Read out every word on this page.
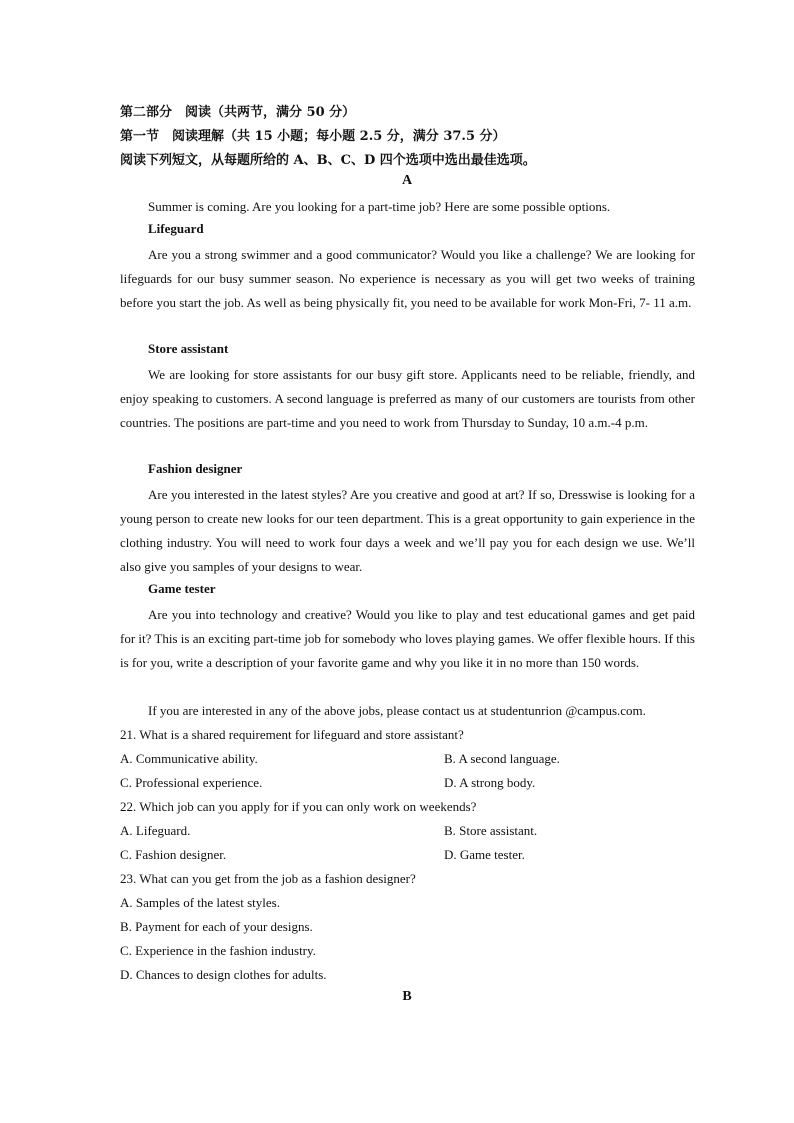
第二部分　阅读（共两节，满分 50 分）
第一节　阅读理解（共 15 小题；每小题 2.5 分，满分 37.5 分）
阅读下列短文，从每题所给的 A、B、C、D 四个选项中选出最佳选项。
A

Summer is coming. Are you looking for a part-time job? Here are some possible options.

Lifeguard

Are you a strong swimmer and a good communicator? Would you like a challenge? We are looking for lifeguards for our busy summer season. No experience is necessary as you will get two weeks of training before you start the job. As well as being physically fit, you need to be available for work Mon-Fri, 7- 11 a.m.

Store assistant

We are looking for store assistants for our busy gift store. Applicants need to be reliable, friendly, and enjoy speaking to customers. A second language is preferred as many of our customers are tourists from other countries. The positions are part-time and you need to work from Thursday to Sunday, 10 a.m.-4 p.m.

Fashion designer

Are you interested in the latest styles? Are you creative and good at art? If so, Dresswise is looking for a young person to create new looks for our teen department. This is a great opportunity to gain experience in the clothing industry. You will need to work four days a week and we’ll pay you for each design we use. We’ll also give you samples of your designs to wear.

Game tester

Are you into technology and creative? Would you like to play and test educational games and get paid for it? This is an exciting part-time job for somebody who loves playing games. We offer flexible hours. If this is for you, write a description of your favorite game and why you like it in no more than 150 words.

If you are interested in any of the above jobs, please contact us at studentunrion @campus.com.
21. What is a shared requirement for lifeguard and store assistant?
A. Communicative ability.	B. A second language.
C. Professional experience.	D. A strong body.
22. Which job can you apply for if you can only work on weekends?
A. Lifeguard.	B. Store assistant.
C. Fashion designer.	D. Game tester.
23. What can you get from the job as a fashion designer?
A. Samples of the latest styles.
B. Payment for each of your designs.
C. Experience in the fashion industry.
D. Chances to design clothes for adults.
B
